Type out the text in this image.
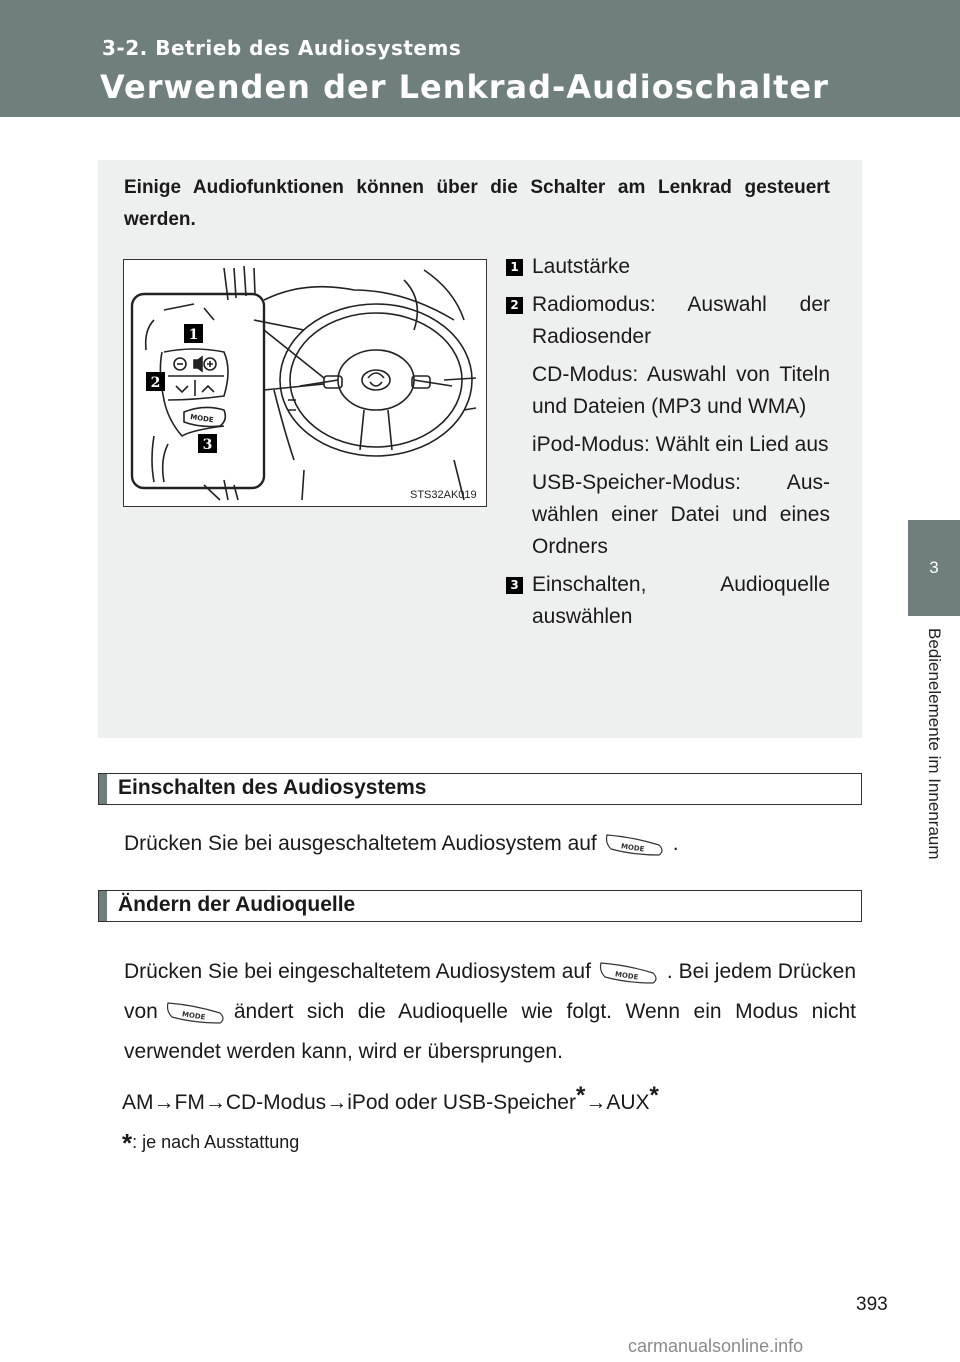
3-2. Betrieb des Audiosystems
Verwenden der Lenkrad-Audioschalter
3
Bedienelemente im Innenraum
Einige Audiofunktionen können über die Schalter am Lenkrad gesteuert werden.
MODE
1
2
3
STS32AK019
1 Lautstärke
2 Radiomodus: Auswahl der Radiosender
CD-Modus: Auswahl von Titeln und Dateien (MP3 und WMA)
iPod-Modus: Wählt ein Lied aus
USB-Speicher-Modus: Auswählen einer Datei und eines Ordners
3 Einschalten, Audioquelle auswählen
Einschalten des Audiosystems
Drücken Sie bei ausgeschaltetem Audiosystem auf	MODE .
Ändern der Audioquelle
Drücken Sie bei eingeschaltetem Audiosystem auf	MODE . Bei jedem Drücken von	MODE ändert sich die Audioquelle wie folgt. Wenn ein Modus nicht verwendet werden kann, wird er übersprungen.
AM→FM→CD-Modus→iPod oder USB-Speicher*→AUX*
*: je nach Ausstattung
393
carmanualsonline.info
